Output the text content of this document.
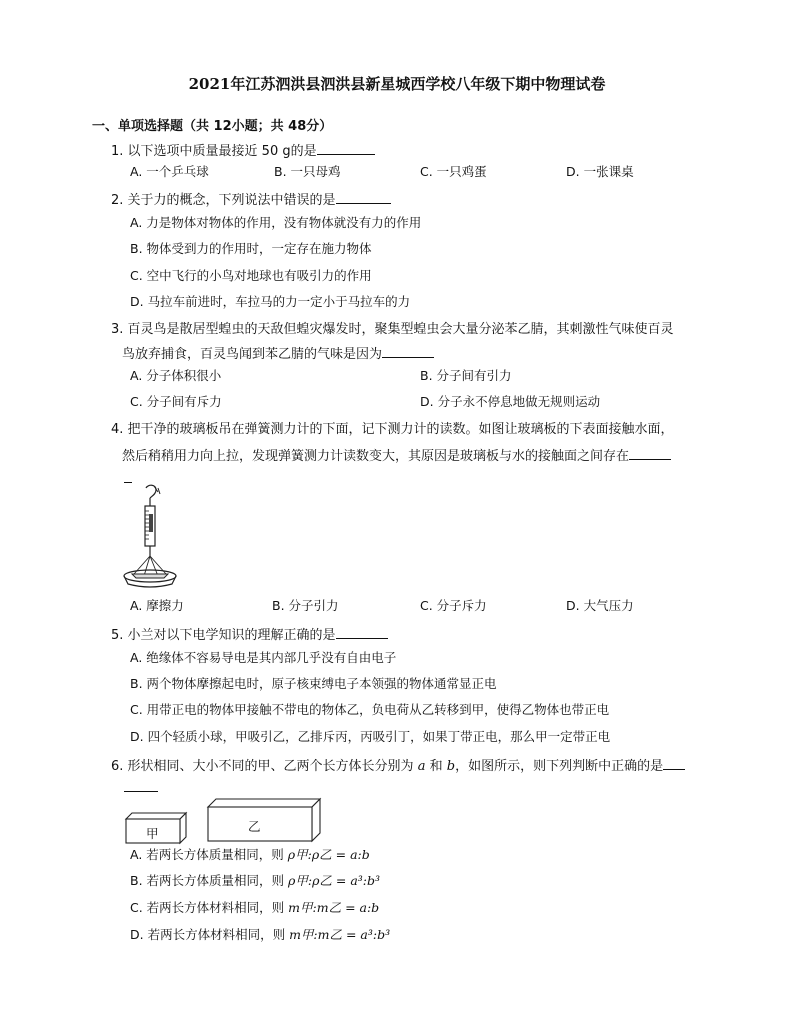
2021年江苏泗洪县泗洪县新星城西学校八年级下期中物理试卷
一、单项选择题（共 12小题；共 48分）
1. 以下选项中质量最接近 50 g的是
A. 一个乒乓球	B. 一只母鸡	C. 一只鸡蛋	D. 一张课桌
2. 关于力的概念，下列说法中错误的是
A. 力是物体对物体的作用，没有物体就没有力的作用
B. 物体受到力的作用时，一定存在施力物体
C. 空中飞行的小鸟对地球也有吸引力的作用
D. 马拉车前进时，车拉马的力一定小于马拉车的力
3. 百灵鸟是散居型蝗虫的天敌但蝗灾爆发时，聚集型蝗虫会大量分泌苯乙腈，其刺激性气味使百灵
鸟放弃捕食，百灵鸟闻到苯乙腈的气味是因为
A. 分子体积很小	B. 分子间有引力
C. 分子间有斥力	D. 分子永不停息地做无规则运动
4. 把干净的玻璃板吊在弹簧测力计的下面，记下测力计的读数。如图让玻璃板的下表面接触水面，
然后稍稍用力向上拉，发现弹簧测力计读数变大，其原因是玻璃板与水的接触面之间存在
A. 摩擦力	B. 分子引力	C. 分子斥力	D. 大气压力
5. 小兰对以下电学知识的理解正确的是
A. 绝缘体不容易导电是其内部几乎没有自由电子
B. 两个物体摩擦起电时，原子核束缚电子本领强的物体通常显正电
C. 用带正电的物体甲接触不带电的物体乙，负电荷从乙转移到甲，使得乙物体也带正电
D. 四个轻质小球，甲吸引乙，乙排斥丙，丙吸引丁，如果丁带正电，那么甲一定带正电
6. 形状相同、大小不同的甲、乙两个长方体长分别为 a 和 b，如图所示，则下列判断中正确的是
甲	乙
A. 若两长方体质量相同，则 ρ甲:ρ乙 = a:b
B. 若两长方体质量相同，则 ρ甲:ρ乙 = a³:b³
C. 若两长方体材料相同，则 m甲:m乙 = a:b
D. 若两长方体材料相同，则 m甲:m乙 = a³:b³
